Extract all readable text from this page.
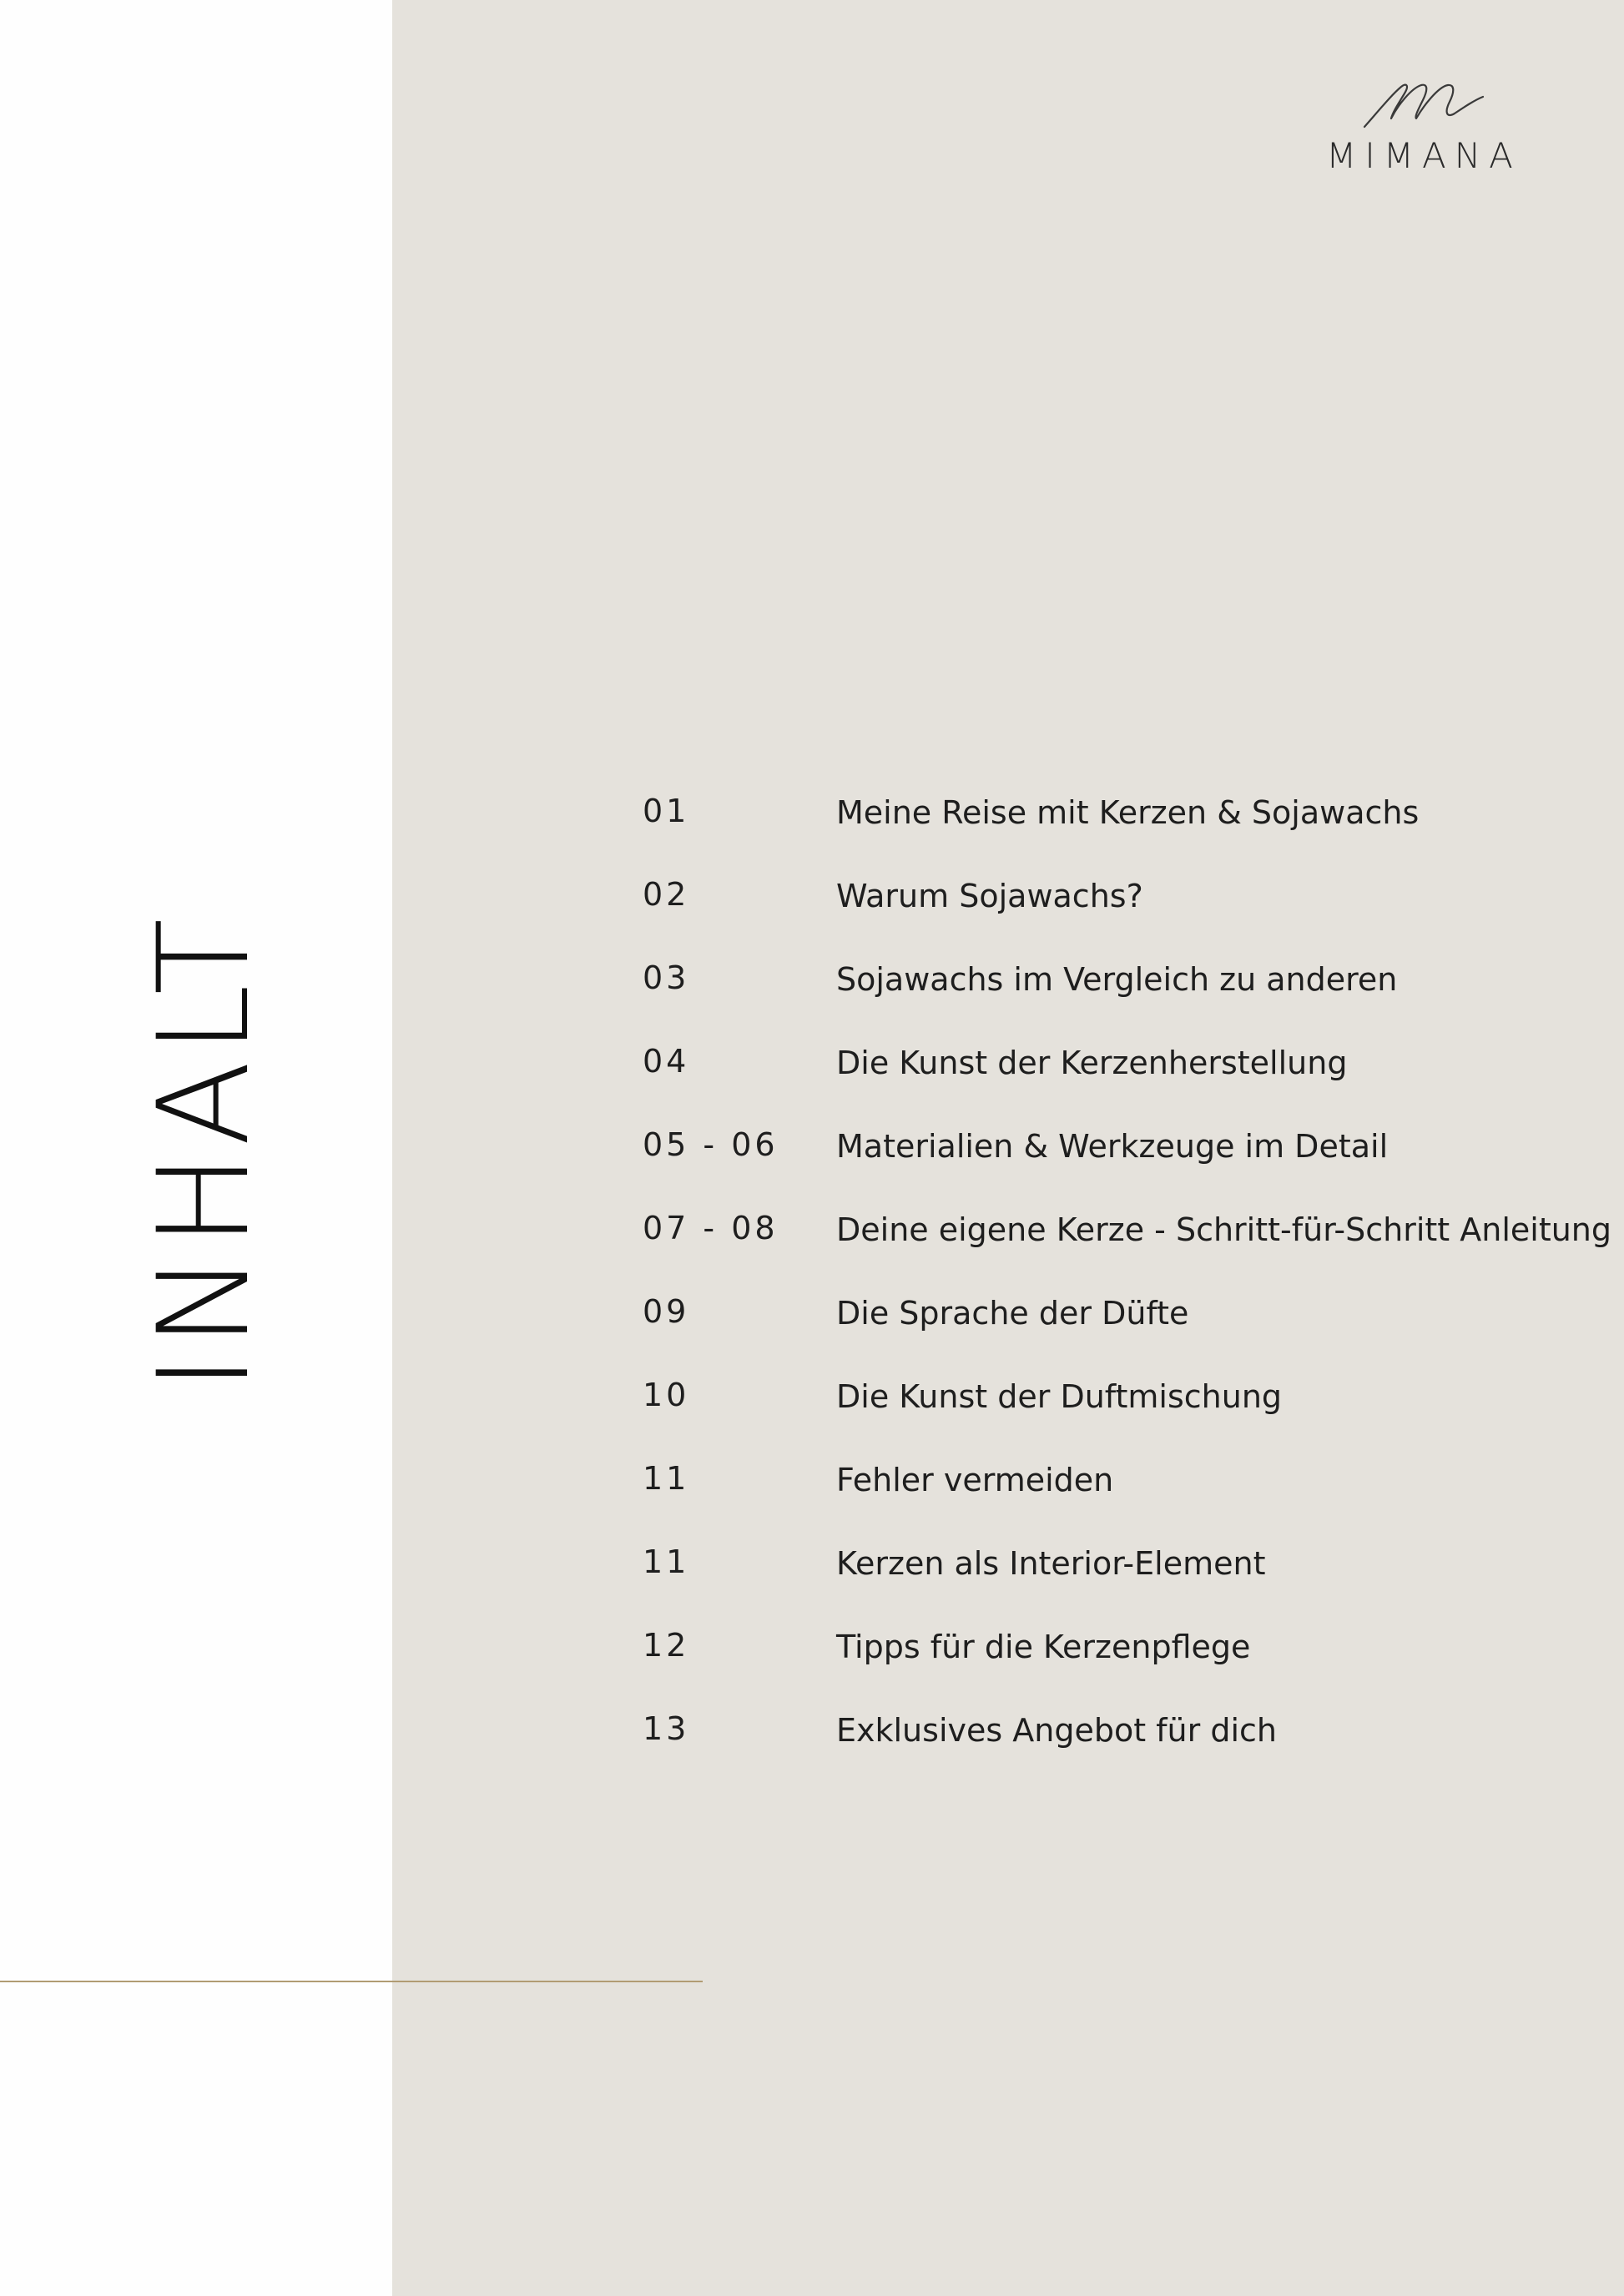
INHALT
MIMANA
01	Meine Reise mit Kerzen & Sojawachs
02	Warum Sojawachs?
03	Sojawachs im Vergleich zu anderen
04	Die Kunst der Kerzenherstellung
05 - 06 Materialien & Werkzeuge im Detail
07 - 08 Deine eigene Kerze - Schritt-für-Schritt Anleitung
09	Die Sprache der Düfte
10	Die Kunst der Duftmischung
11	Fehler vermeiden
11	Kerzen als Interior-Element
12	Tipps für die Kerzenpflege
13	Exklusives Angebot für dich
